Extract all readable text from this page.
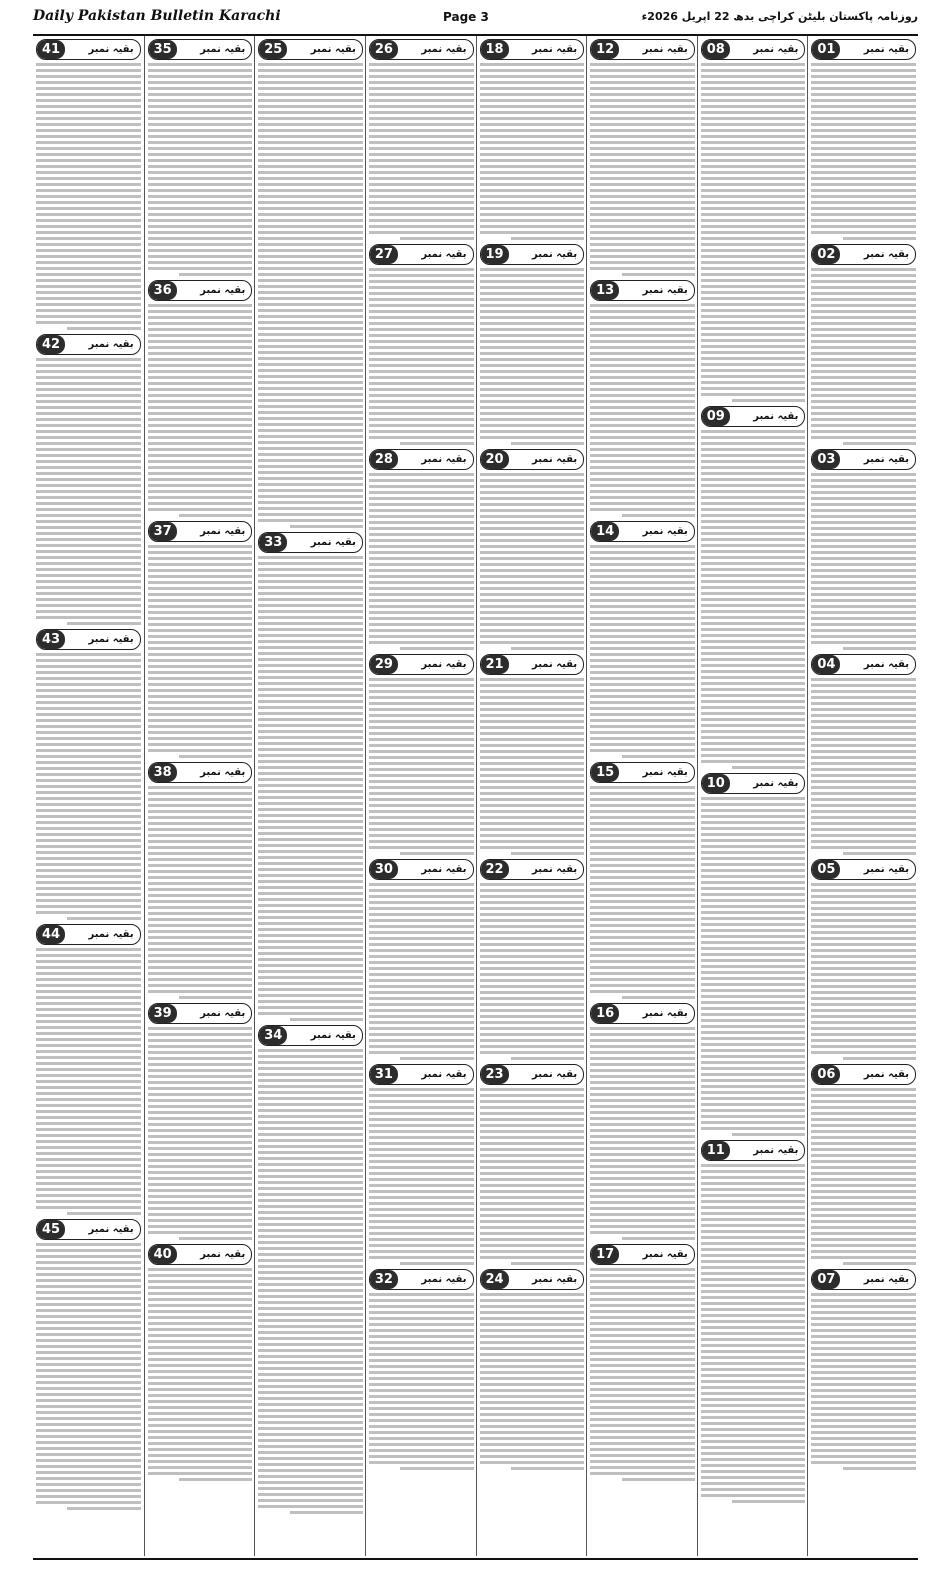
Daily Pakistan Bulletin Karachi	Page 3	روزنامہ پاکستان بلیٹن کراچی بدھ 22 اپریل 2026ء
41	بقیہ نمبر
42	بقیہ نمبر
43	بقیہ نمبر
44	بقیہ نمبر
45	بقیہ نمبر
35	بقیہ نمبر
36	بقیہ نمبر
37	بقیہ نمبر
38	بقیہ نمبر
39	بقیہ نمبر
40	بقیہ نمبر
25	بقیہ نمبر
33	بقیہ نمبر
34	بقیہ نمبر
26	بقیہ نمبر
27	بقیہ نمبر
28	بقیہ نمبر
29	بقیہ نمبر
30	بقیہ نمبر
31	بقیہ نمبر
32	بقیہ نمبر
18	بقیہ نمبر
19	بقیہ نمبر
20	بقیہ نمبر
21	بقیہ نمبر
22	بقیہ نمبر
23	بقیہ نمبر
24	بقیہ نمبر
12	بقیہ نمبر
13	بقیہ نمبر
14	بقیہ نمبر
15	بقیہ نمبر
16	بقیہ نمبر
17	بقیہ نمبر
08	بقیہ نمبر
09	بقیہ نمبر
10	بقیہ نمبر
11	بقیہ نمبر
01	بقیہ نمبر
02	بقیہ نمبر
03	بقیہ نمبر
04	بقیہ نمبر
05	بقیہ نمبر
06	بقیہ نمبر
07	بقیہ نمبر
